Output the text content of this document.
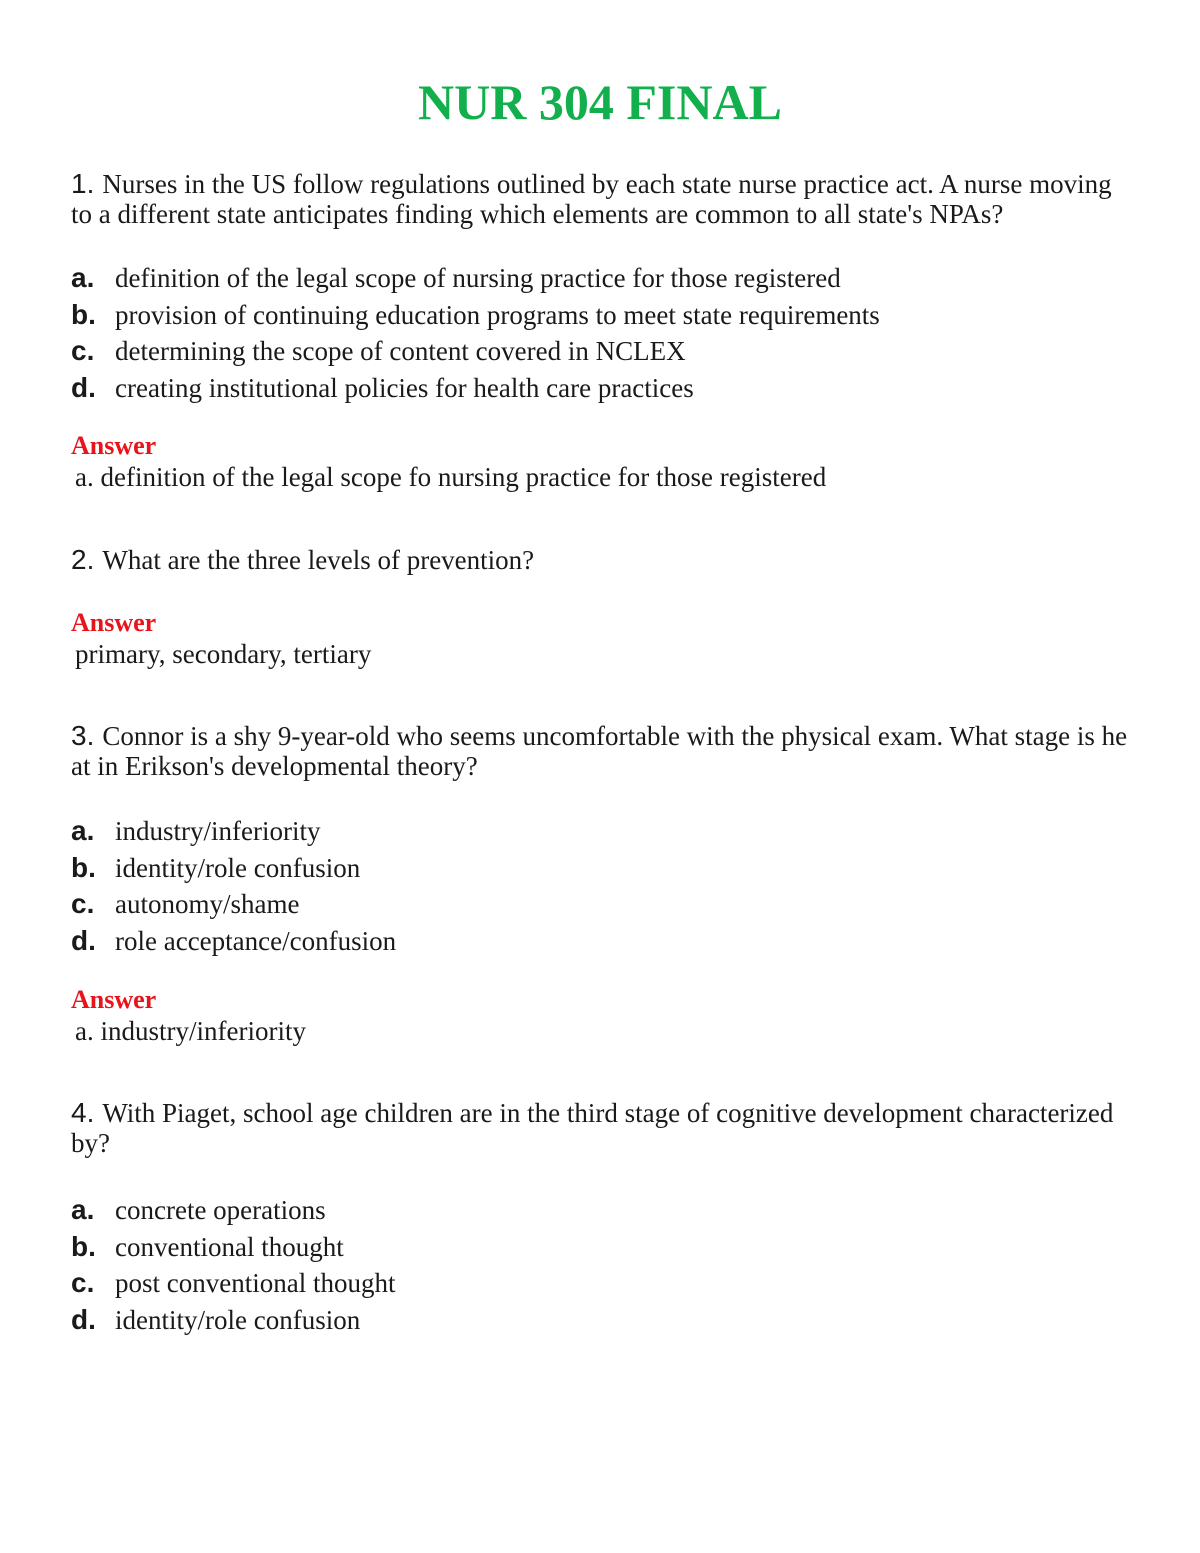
NUR 304 FINAL

1. Nurses in the US follow regulations outlined by each state nurse practice act. A nurse moving to a different state anticipates finding which elements are common to all state's NPAs?

a. definition of the legal scope of nursing practice for those registered
b. provision of continuing education programs to meet state requirements
c. determining the scope of content covered in NCLEX
d. creating institutional policies for health care practices

Answer

a. definition of the legal scope fo nursing practice for those registered

2. What are the three levels of prevention?

Answer

primary, secondary, tertiary

3. Connor is a shy 9-year-old who seems uncomfortable with the physical exam. What stage is he at in Erikson's developmental theory?

a. industry/inferiority
b. identity/role confusion
c. autonomy/shame
d. role acceptance/confusion

Answer

a. industry/inferiority

4. With Piaget, school age children are in the third stage of cognitive development characterized by?

a. concrete operations
b. conventional thought
c. post conventional thought
d. identity/role confusion
